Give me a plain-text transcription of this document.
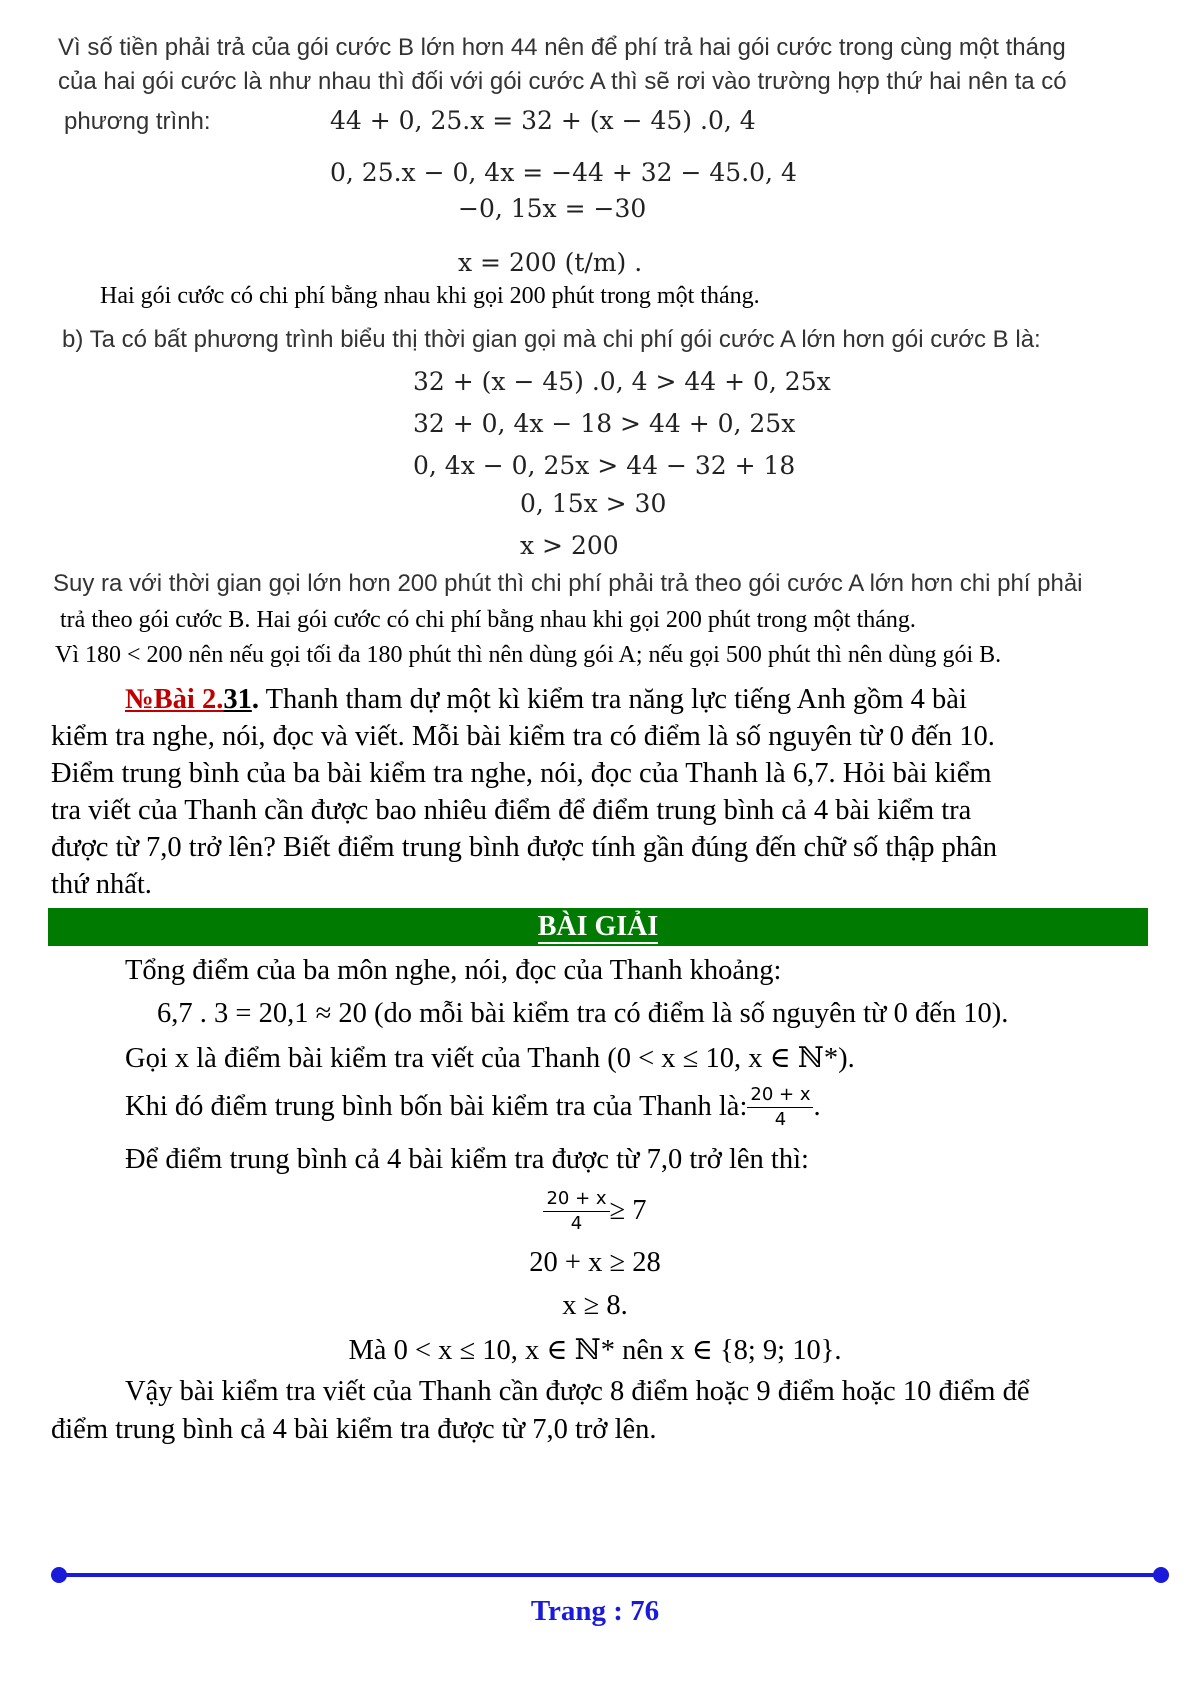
Vì số tiền phải trả của gói cước B lớn hơn 44 nên để phí trả hai gói cước trong cùng một tháng
của hai gói cước là như nhau thì đối với gói cước A thì sẽ rơi vào trường hợp thứ hai nên ta có
phương trình:	44 + 0, 25.x = 32 + (x − 45) .0, 4
0, 25.x − 0, 4x = −44 + 32 − 45.0, 4
−0, 15x = −30
x = 200 (t/m) .
Hai gói cước có chi phí bằng nhau khi gọi 200 phút trong một tháng.
b) Ta có bất phương trình biểu thị thời gian gọi mà chi phí gói cước A lớn hơn gói cước B là:
32 + (x − 45) .0, 4 > 44 + 0, 25x
32 + 0, 4x − 18 > 44 + 0, 25x
0, 4x − 0, 25x > 44 − 32 + 18
0, 15x > 30
x > 200
Suy ra với thời gian gọi lớn hơn 200 phút thì chi phí phải trả theo gói cước A lớn hơn chi phí phải
trả theo gói cước B. Hai gói cước có chi phí bằng nhau khi gọi 200 phút trong một tháng.
Vì 180 < 200 nên nếu gọi tối đa 180 phút thì nên dùng gói A; nếu gọi 500 phút thì nên dùng gói B.
№Bài 2.31. Thanh tham dự một kì kiểm tra năng lực tiếng Anh gồm 4 bài
kiểm tra nghe, nói, đọc và viết. Mỗi bài kiểm tra có điểm là số nguyên từ 0 đến 10.
Điểm trung bình của ba bài kiểm tra nghe, nói, đọc của Thanh là 6,7. Hỏi bài kiểm
tra viết của Thanh cần được bao nhiêu điểm để điểm trung bình cả 4 bài kiểm tra
được từ 7,0 trở lên? Biết điểm trung bình được tính gần đúng đến chữ số thập phân
thứ nhất.
BÀI GIẢI
Tổng điểm của ba môn nghe, nói, đọc của Thanh khoảng:
6,7 . 3 = 20,1 ≈ 20 (do mỗi bài kiểm tra có điểm là số nguyên từ 0 đến 10).
Gọi x là điểm bài kiểm tra viết của Thanh (0 < x ≤ 10, x ∈ ℕ*).
Khi đó điểm trung bình bốn bài kiểm tra của Thanh là: $\frac{20 + x}{4}$ .
Để điểm trung bình cả 4 bài kiểm tra được từ 7,0 trở lên thì:
$\frac{20 + x}{4} \ge 7$
20 + x ≥ 28
x ≥ 8.
Mà 0 < x ≤ 10, x ∈ ℕ* nên x ∈ {8; 9; 10}.
Vậy bài kiểm tra viết của Thanh cần được 8 điểm hoặc 9 điểm hoặc 10 điểm để
điểm trung bình cả 4 bài kiểm tra được từ 7,0 trở lên.
Trang : 76
